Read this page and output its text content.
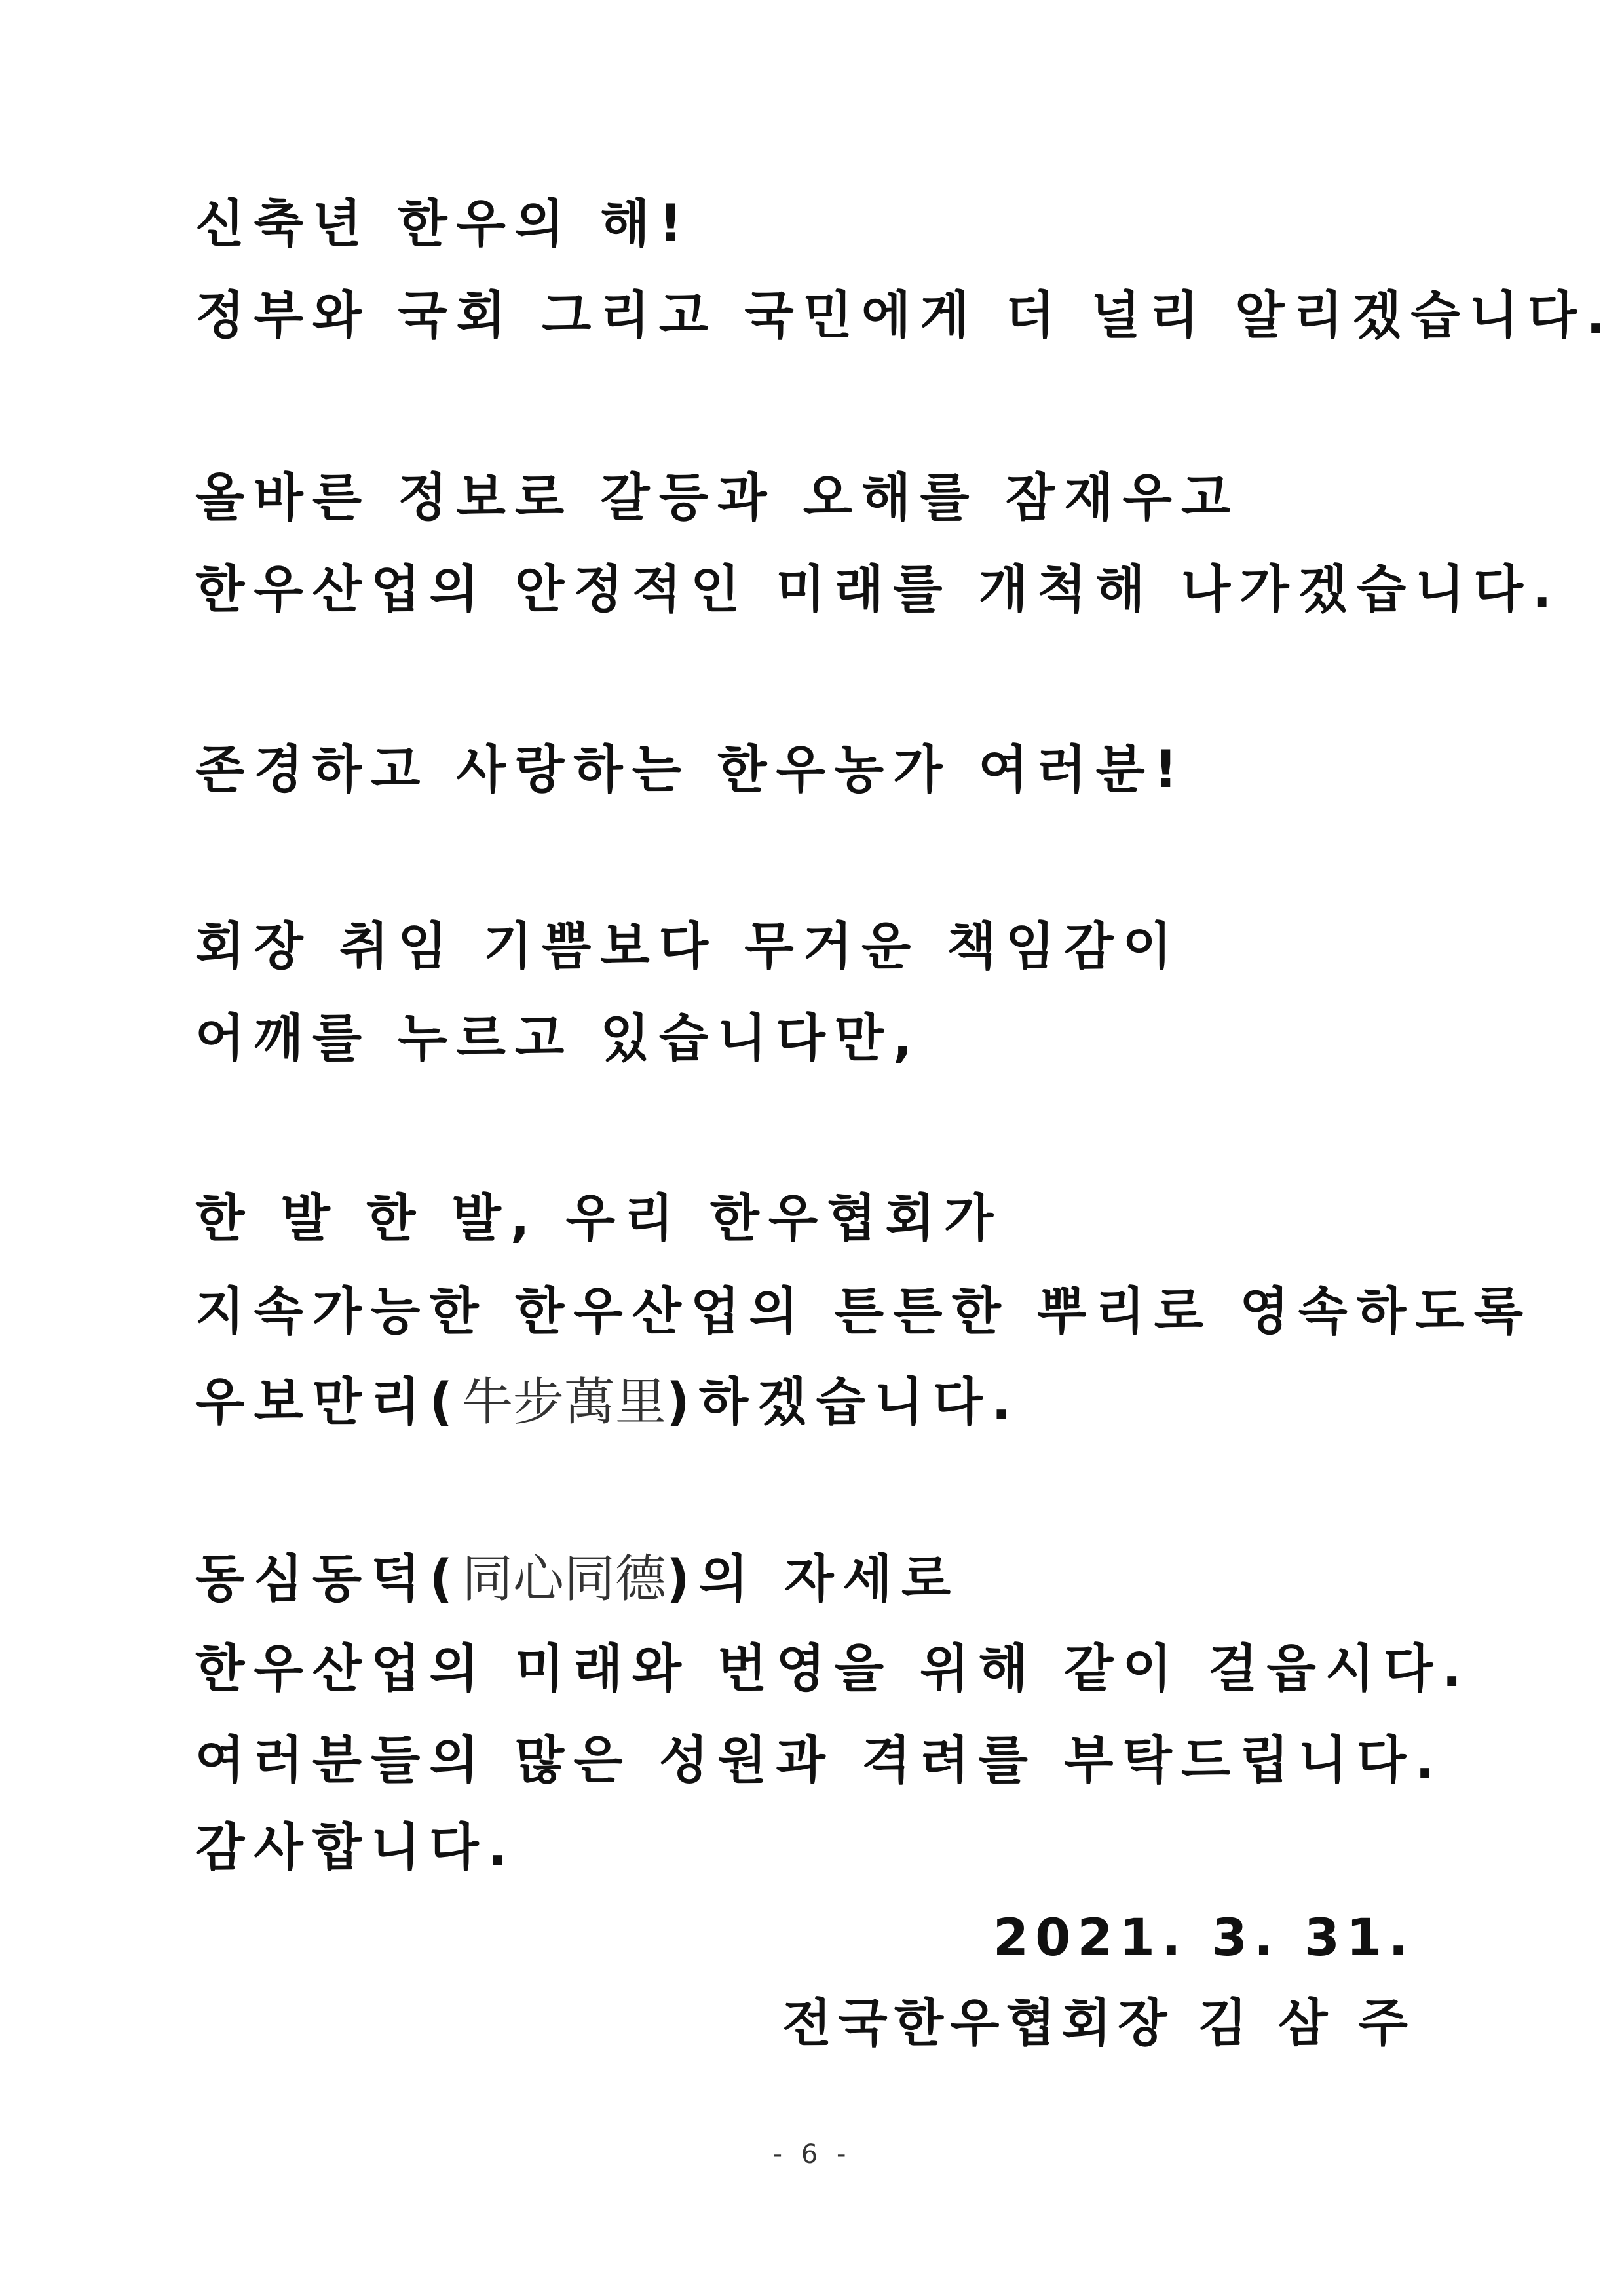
신축년 한우의 해!
정부와 국회 그리고 국민에게 더 널리 알리겠습니다.
올바른 정보로 갈등과 오해를 잠재우고
한우산업의 안정적인 미래를 개척해 나가겠습니다.
존경하고 사랑하는 한우농가 여러분!
회장 취임 기쁨보다 무거운 책임감이
어깨를 누르고 있습니다만,
한 발 한 발, 우리 한우협회가
지속가능한 한우산업의 튼튼한 뿌리로 영속하도록
우보만리(牛步萬里)하겠습니다.
동심동덕(同心同德)의 자세로
한우산업의 미래와 번영을 위해 같이 걸읍시다.
여러분들의 많은 성원과 격려를 부탁드립니다.
감사합니다.
2021. 3. 31.
전국한우협회장 김 삼 주
- 6 -
